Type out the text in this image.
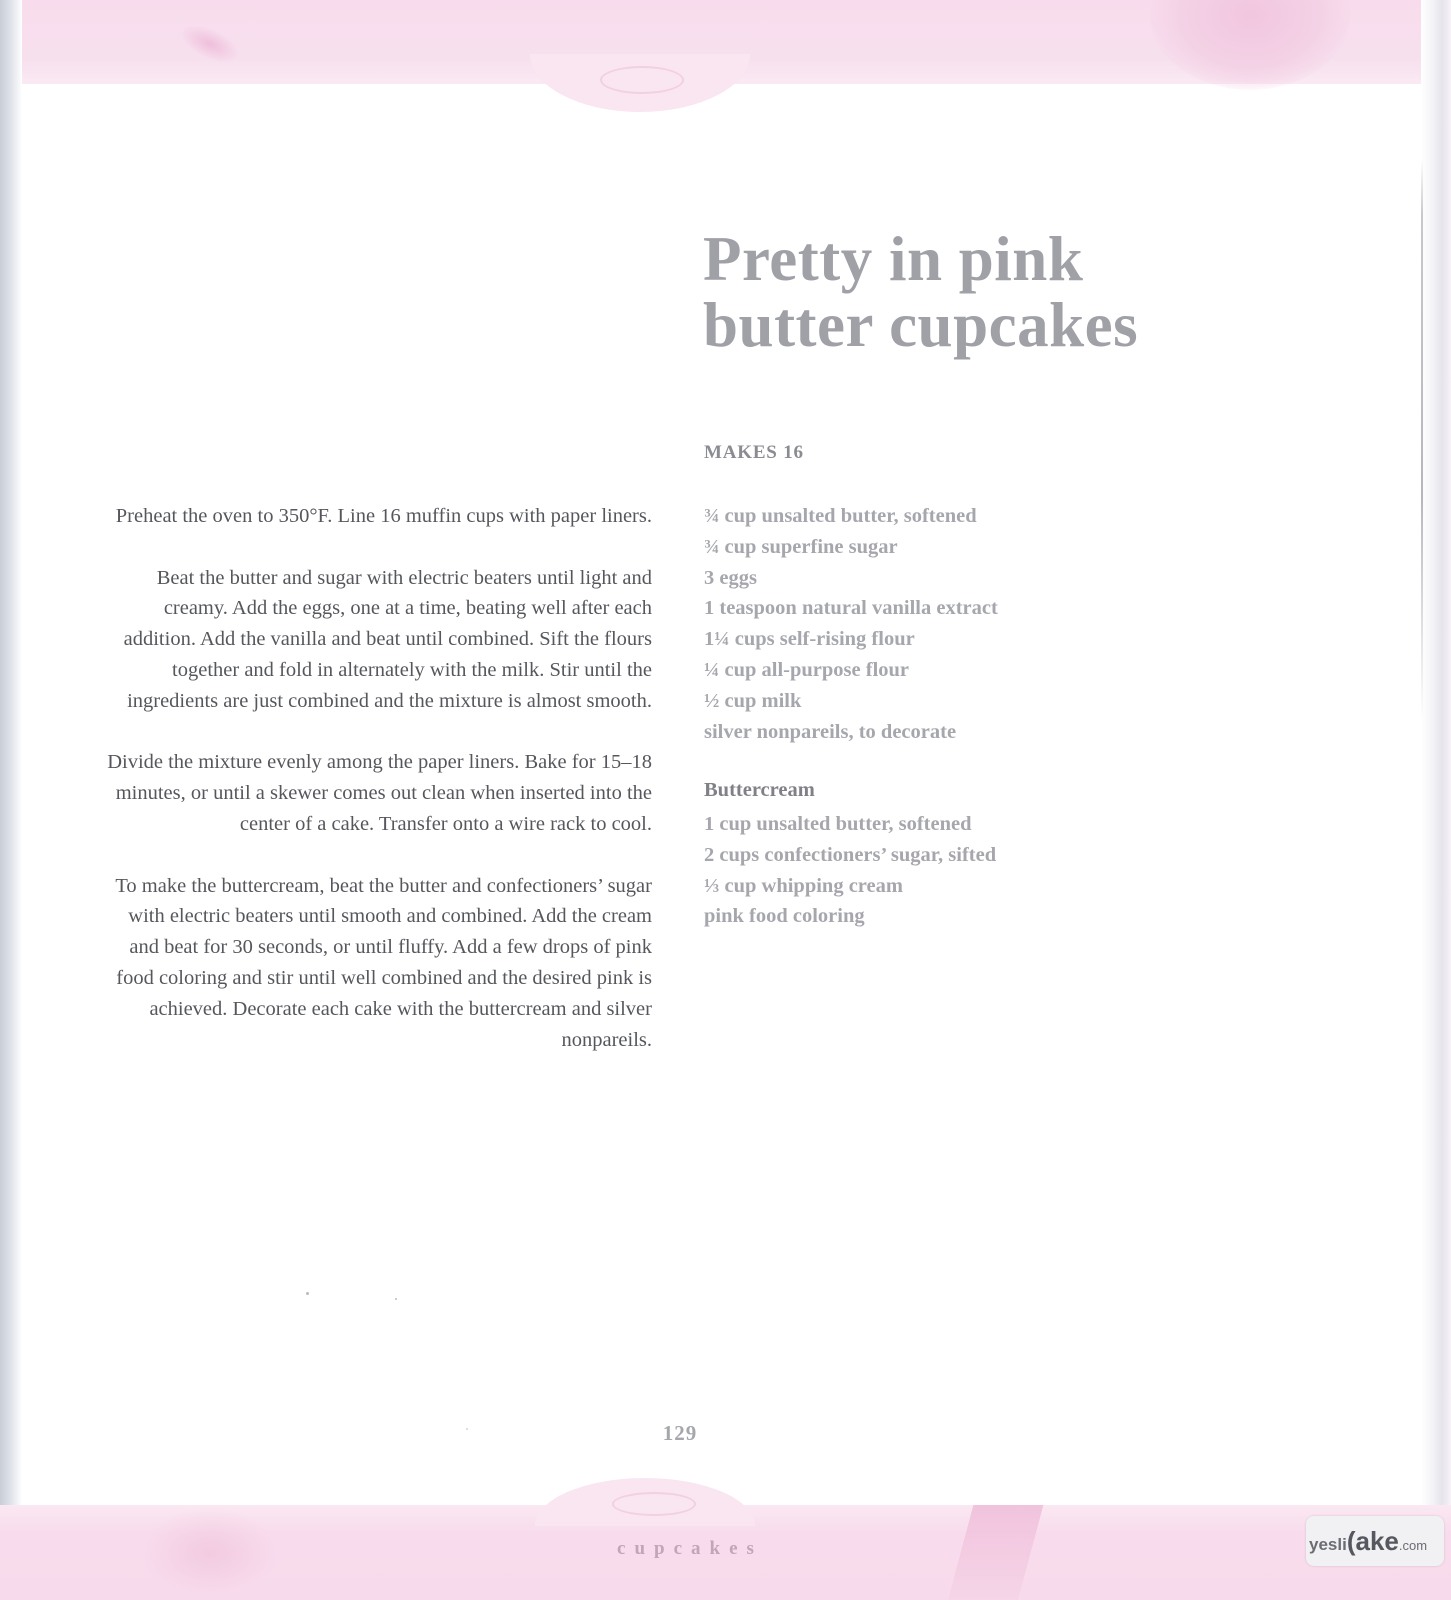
Pretty in pink
butter cupcakes
MAKES 16
¾ cup unsalted butter, softened
¾ cup superfine sugar
3 eggs
1 teaspoon natural vanilla extract
1¼ cups self-rising flour
¼ cup all-purpose flour
½ cup milk
silver nonpareils, to decorate
Buttercream
1 cup unsalted butter, softened
2 cups confectioners’ sugar, sifted
⅓ cup whipping cream
pink food coloring

Preheat the oven to 350°F. Line 16 muffin cups with paper liners.

Beat the butter and sugar with electric beaters until light and creamy. Add the eggs, one at a time, beating well after each addition. Add the vanilla and beat until combined. Sift the flours together and fold in alternately with the milk. Stir until the ingredients are just combined and the mixture is almost smooth.

Divide the mixture evenly among the paper liners. Bake for 15–18 minutes, or until a skewer comes out clean when inserted into the center of a cake. Transfer onto a wire rack to cool.

To make the buttercream, beat the butter and confectioners’ sugar with electric beaters until smooth and combined. Add the cream and beat for 30 seconds, or until fluffy. Add a few drops of pink food coloring and stir until well combined and the desired pink is achieved. Decorate each cake with the buttercream and silver nonpareils.

129
cupcakes	yesli(ake.com
